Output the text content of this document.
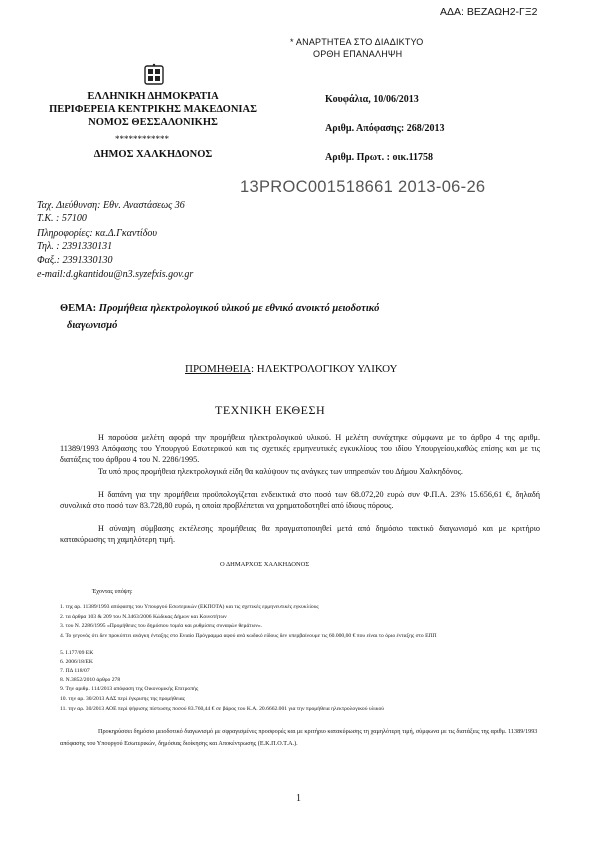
ΑΔΑ: ΒΕΖΑΩΗ2-ΓΞ2
* ΑΝΑΡΤΗΤΕΑ ΣΤΟ ΔΙΑΔΙΚΤΥΟ
ΟΡΘΗ ΕΠΑΝΑΛΗΨΗ
ΕΛΛΗΝΙΚΗ ΔΗΜΟΚΡΑΤΙΑ
ΠΕΡΙΦΕΡΕΙΑ ΚΕΝΤΡΙΚΗΣ ΜΑΚΕΔΟΝΙΑΣ
ΝΟΜΟΣ ΘΕΣΣΑΛΟΝΙΚΗΣ
************
ΔΗΜΟΣ ΧΑΛΚΗΔΟΝΟΣ
Κουφάλια, 10/06/2013
Αριθμ. Απόφασης: 268/2013
Αριθμ. Πρωτ. : οικ.11758
13PROC001518661 2013-06-26
Ταχ. Διεύθυνση: Εθν. Αναστάσεως 36
Τ.Κ. : 57100
Πληροφορίες: κα.Δ.Γκαντίδου
Τηλ. : 2391330131
Φαξ.: 2391330130
e-mail:d.gkantidou@n3.syzefxis.gov.gr
ΘΕΜΑ: Προμήθεια ηλεκτρολογικού υλικού με εθνικό ανοικτό μειοδοτικό
διαγωνισμό
ΠΡΟΜΗΘΕΙΑ: ΗΛΕΚΤΡΟΛΟΓΙΚΟΥ ΥΛΙΚΟΥ
ΤΕΧΝΙΚΗ ΕΚΘΕΣΗ
Η παρούσα μελέτη αφορά την προμήθεια ηλεκτρολογικού υλικού. Η μελέτη συνάχτηκε σύμφωνα με το άρθρο 4 της αριθμ. 11389/1993 Απόφασης του Υπουργού Εσωτερικού και τις σχετικές ερμηνευτικές εγκυκλίους του ιδίου Υπουργείου,καθώς επίσης και με τις διατάξεις του άρθρου 4 του Ν. 2286/1995.
Τα υπό προς προμήθεια ηλεκτρολογικά είδη θα καλύψουν τις ανάγκες των υπηρεσιών του Δήμου Χαλκηδόνος.
Η δαπάνη για την προμήθεια προϋπολογίζεται ενδεικτικά στο ποσό των 68.072,20 ευρώ συν Φ.Π.Α. 23% 15.656,61 €, δηλαδή συνολικά στο ποσό των 83.728,80 ευρώ, η οποία προβλέπεται να χρηματοδοτηθεί από ίδιους πόρους.
Η σύναψη σύμβασης εκτέλεσης προμήθειας θα πραγματοποιηθεί μετά από δημόσιο τακτικό διαγωνισμό και με κριτήριο κατακύρωσης τη χαμηλότερη τιμή.
Ο ΔΗΜΑΡΧΟΣ ΧΑΛΚΗΔΟΝΟΣ
Έχοντας υπόψη:
1. της αρ. 11389/1993 απόφασης του Υπουργού Εσωτερικών (ΕΚΠΟΤΑ) και τις σχετικές ερμηνευτικές εγκυκλίους
2. τα άρθρα 103 & 209 του Ν.3463/2006 Κώδικας Δήμων και Κοινοτήτων
3. του Ν. 2286/1995 «Προμήθειες του δημόσιου τομέα και ρυθμίσεις συναφών θεμάτων».
4. Το γεγονός ότι δεν προκύπτει ανάγκη ένταξης στο Ενιαίο Πρόγραμμα αφού ανά κωδικό είδους δεν υπερβαίνουμε τις 60.000,00 € που είναι το όριο ένταξης στο ΕΠΠ
5. Ι.177/09 ΕΚ
6. 2006/18/ΕΚ
7. ΠΔ 118/07
8. Ν.3852/2010 άρθρο 278
9. Την αριθμ. 114/2013 απόφαση της Οικονομικής Επιτροπής
10. την αρ. 30/2013 ΑΔΣ περί έγκρισης της προμήθειας
11. την αρ. 30/2013 ΑΟΕ περί ψήφισης πίστωσης ποσού 83.760,44 € σε βάρος του Κ.Α. 20.6662.001 για την προμήθεια ηλεκτρολογικού υλικού
Προκηρύσσει δημόσιο μειοδοτικό διαγωνισμό με σφραγισμένες προσφορές και με κριτήριο κατακύρωσης τη χαμηλότερη τιμή, σύμφωνα με τις διατάξεις της αριθμ. 11389/1993 απόφασης του Υπουργού Εσωτερικών, δημόσιας διοίκησης και Αποκέντρωσης (Ε.Κ.Π.Ο.Τ.Α.).
1
